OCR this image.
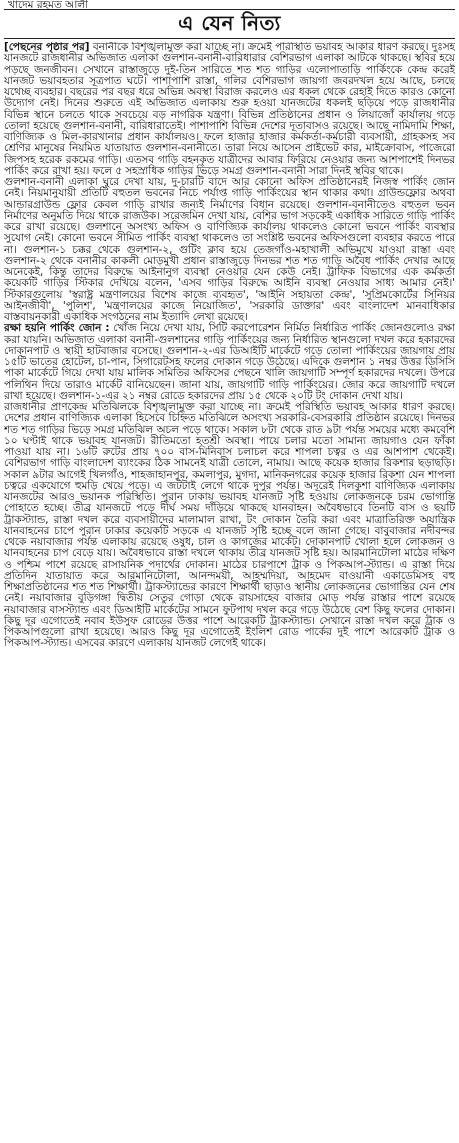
খাদেম রহমত আলী
এ যেন নিত্য

[পেছনের পৃষ্ঠার পর] বনানীকে বিশৃঙ্খলামুক্ত করা যাচ্ছে না। ক্রমেই পরিস্থিতি ভয়াবহ আকার ধারণ করছে। দুঃসহ যানজটে রাজধানীর অভিজাত এলাকা গুলশান-বনানী-বারিধারার বেশিরভাগ এলাকা আটকে থাকছে। স্থবির হয়ে পড়ছে জনজীবন। সেখানে রাস্তাজুড়ে দুই-তিন সারিতে শত শত গাড়ির এলোপাতাড়ি পার্কিংকে কেন্দ্র করেই যানজট ভয়াবহতার সূত্রপাত ঘটে। পাশাপাশি রাস্তা, গলির বেশিরভাগ জায়গা জবরদখল হয়ে আছে, চলছে যথেচ্ছ ব্যবহার। বছরের পর বছর ধরে অভিন্ন অবস্থা বিরাজ করলেও এর ধকল থেকে রেহাই দিতে কারও কোনো উদ্যোগ নেই। দিনের শুরুতে এই অভিজাত এলাকায় শুরু হওয়া যানজটের ধকলই ছড়িয়ে পড়ে রাজধানীর বিভিন্ন স্থানে চলতে থাকে সবচেয়ে বড় নাগরিক যন্ত্রণা। বিভিন্ন প্রতিষ্ঠানের প্রধান ও লিয়াজোঁ কার্যালয় গড়ে তোলা হয়েছে গুলশান-বনানী, বারিধারাতেই। পাশাপাশি বিভিন্ন দেশের দূতাবাসও রয়েছে। আছে নামিদামি শিক্ষা, বাণিজ্যিক ও মিল-কারখানার প্রধান কার্যালয়ও। ফলে হাজার হাজার কর্মকর্তা-কর্মচারী ব্যবসায়ী, গ্রাহকসহ সব শ্রেণির মানুষের নিয়মিত যাতায়াত গুলশান-বনানীতে। তারা নিয়ে আসেন প্রাইভেট কার, মাইক্রোবাস, পাজেরো জিপসহ হরেক রকমের গাড়ি। এতসব গাড়ি বহনকৃত যাত্রীদের আবার ফিরিয়ে নেওয়ার জন্য আশপাশেই দিনভর পার্কিং করে রাখা হয়। ফলে ৫ সহস্রাধিক গাড়ির ভিড়ে সমগ্র গুলশান-বনানী সারা দিনই স্থবির থাকে।

গুলশান-বনানী এলাকা ঘুরে দেখা যায়, দু-চারটি বাদে আর কোনো অফিস প্রতিষ্ঠানেরই নিজস্ব পার্কিং জোন নেই। নিয়মানুযায়ী প্রতিটি বহুতল ভবনের নিচে পর্যাপ্ত গাড়ি পার্কিংয়ের স্থান থাকার কথা। গ্রাউন্ডফ্লোর অথবা আন্ডারগ্রাউন্ড ফ্লোর কেবল গাড়ি রাখার জন্যই নির্মাণের বিধান রয়েছে। গুলশান-বনানীতেও বহুতল ভবন নির্মাণের অনুমতি দিয়ে থাকে রাজউক। সরেজমিন দেখা যায়, বেশির ভাগ সড়কেই একাধিক সারিতে গাড়ি পার্কিং করে রাখা রয়েছে। গুলশানে অসংখ্য অফিস ও বাণিজ্যিক কার্যালয় থাকলেও কোনো ভবনে পার্কিং ব্যবস্থার সুযোগ নেই। কোনো ভবনে সীমিত পার্কিং ব্যবস্থা থাকলেও তা সংশ্লিষ্ট ভবনের অফিসগুলো ব্যবহার করতে পারে না। গুলশান-১ চক্কর থেকে গুলশান-২, গুটিং ক্লাব হয়ে তেজগাঁও-মহাখালী অভিমুখে যাওয়া রাস্তা এবং গুলশান-২ থেকে বনানীর কাকলী মোড়মুখী প্রধান রাস্তাজুড়ে দিনভর শত শত গাড়ি অবৈধ পার্কিং দেখার আছে অনেকেই, কিন্তু তাদের বিরুদ্ধে আইনানুগ ব্যবস্থা নেওয়ার যেন কেউ নেই। ট্রাফিক বিভাগের এক কর্মকর্তা কয়েকটি গাড়ির স্টিকার দেখিয়ে বলেন, 'এসব গাড়ির বিরুদ্ধে আইনি ব্যবস্থা নেওয়ার সাধ্য আমার নেই।' স্টিকারগুলোয় 'স্বরাষ্ট্র মন্ত্রণালয়ের বিশেষ কাজে ব্যবহৃত', 'আইনি সহায়তা কেন্দ্র', 'সুপ্রিমকোর্টের সিনিয়র আইনজীবী', 'পুলিশ', 'মন্ত্রণালয়ের কাজে নিয়োজিত', 'সরকারি ডাক্তার' এবং বাংলাদেশ মানবাধিকার বাস্তবায়নকারী একাধিক সংগঠনের নাম ইত্যাদি লেখা রয়েছে।

রক্ষা হয়নি পার্কিং জোন : খোঁজ নিয়ে দেখা যায়, সিটি করপোরেশন নির্মিত নির্ধারিত পার্কিং জোনগুলোও রক্ষা করা যায়নি। অভিজাত এলাকা বনানী-গুলশানের গাড়ি পার্কিংয়ের জন্য নির্ধারিত স্থানগুলো দখল করে হকারদের দোকানপাট ও স্থায়ী হাটবাজার বসেছে। গুলশান-২-এর ডিআইটি মার্কেটে গড়ে তোলা পার্কিংয়ের জায়গায় প্রায় ১৫টি ভাতের হোটেল, চা-পান, সিগারেটসহ ফলের দোকান গড়ে উঠেছে। এদিকে গুলশান ১ নম্বর উত্তর ডিসিসি পাকা মার্কেটে গিয়ে দেখা যায় মালিক সমিতির অফিসের পেছনে খালি জায়গাটি সম্পূর্ণ হকারদের দখলে। উপরে পলিথিন দিয়ে তারাও মার্কেট বানিয়েছেন। জানা যায়, জায়গাটি গাড়ি পার্কিংয়ের। জোর করে জায়গাটি দখলে রাখা হয়েছে। গুলশান-১-এর ২১ নম্বর রোডে হকারদের প্রায় ১৫ থেকে ২০টি টং দোকান দেখা যায়।

রাজধানীর প্রাণকেন্দ্র মতিঝিলকে বিশৃঙ্খলামুক্ত করা যাচ্ছে না। ক্রমেই পরিস্থিতি ভয়াবহ আকার ধারণ করছে। দেশের প্রধান বাণিজ্যিক এলাকা হিসেবে চিহ্নিত মতিঝিলে অসংখ্য সরকারি-বেসরকারি প্রতিষ্ঠান রয়েছে। দিনভর শত শত গাড়ির ভিড়ে সমগ্র মতিঝিল অচল পড়ে থাকে। সকাল ৮টা থেকে রাত ৯টা পর্যন্ত সময়ের মধ্যে কমবেশি ১০ ঘণ্টাই থাকে ভয়াবহ যানজট। রীতিমতো হতশ্রী অবস্থা। পায়ে চলার মতো সামান্য জায়গাও যেন ফাঁকা পাওয়া যায় না। ১৬টি রুটের প্রায় ৭০০ বাস-মিনিবাস চলাচল করে শাপলা চত্বর ও এর আশপাশ থেকেই। বেশিরভাগ গাড়ি বাংলাদেশ ব্যাংকের ঠিক সামনেই যাত্রী তোলে, নামায়। আছে কয়েক হাজার রিকশার ছড়াছড়ি। সকাল ৯টার আগেই খিলগাঁও, শাহজাহানপুর, কমলাপুর, মুগদা, মানিকনগরের কয়েক হাজার রিকশা যেন শাপলা চত্বরে একযোগে হুমড়ি খেয়ে পড়ে। এ জটটাই লেগে থাকে দুপুর পর্যন্ত। অদূরেই দিলকুশা বাণিজ্যিক এলাকায় যানজটের আরও ভয়ানক পরিস্থিতি। পুরান ঢাকায় ভয়াবহ যানজট সৃষ্টি হওয়ায় লোকজনকে চরম ভোগান্তি পোহাতে হচ্ছে। তীব্র যানজটে পড়ে দীর্ঘ সময় দাঁড়িয়ে থাকছে যানবাহন। অবৈধভাবে তিনটি বাস ও ছয়টি ট্রাকস্ট্যান্ড, রাস্তা দখল করে ব্যবসায়ীদের মালামাল রাখা, টং দোকান তৈরি করা এবং মাত্রাতিরিক্ত অযান্ত্রিক যানবাহনের চাপে পুরান ঢাকার কয়েকটি সড়কে এ যানজট সৃষ্টি হচ্ছে বলে জানা গেছে। বাবুবাজার নদীবন্দর থেকে নয়াবাজার পর্যন্ত এলাকায় রয়েছে ওষুধ, চাল ও কাগজের মার্কেট। দোকানপাট খোলা হলে লোকজন ও যানবাহনের চাপ বেড়ে যায়। অবৈধভাবে রাস্তা দখলে থাকায় তীব্র যানজট সৃষ্টি হয়। আরমানিটোলা মাঠের দক্ষিণ ও পশ্চিম পাশে রয়েছে রাসায়নিক পদার্থের দোকান। মাঠের চারপাশে ট্রাক ও পিকআপ-স্ট্যান্ড। এ রাস্তা দিয়ে প্রতিদিন যাতায়াত করে আরমানিটোলা, আনন্দময়ী, আহম্মদিয়া, আহমেদ বাওয়ানী একাডেমিসহ বহু শিক্ষাপ্রতিষ্ঠানের শত শত শিক্ষার্থী। ট্রাকস্ট্যান্ডের কারণে শিক্ষার্থী ছাড়াও স্থানীয় লোকজনের ভোগান্তির যেন শেষ নেই। নয়াবাজার বুড়িগঙ্গা দ্বিতীয় সেতুর গোড়া থেকে রায়সাহেব বাজার মোড় পর্যন্ত রাস্তার পাশে রয়েছে নয়াবাজার বাসস্ট্যান্ড এবং ডিআইটি মার্কেটের সামনে ফুটপাথ দখল করে গড়ে উঠেছে বেশ কিছু ফলের দোকান। কিছু দূর এগোতেই নবাব ইউসুফ রোডের উত্তর পাশে আরেকটি ট্রাকস্ট্যান্ড। সেখানে রাস্তা দখল করে ট্রাক ও পিকআপগুলো রাখা হয়েছে। আরও কিছু দূর এগোতেই ইংলিশ রোড পার্কের দুই পাশে আরেকটি ট্রাক ও পিকআপ-স্ট্যান্ড। এসবের কারণে এলাকায় যানজট লেগেই থাকে।
